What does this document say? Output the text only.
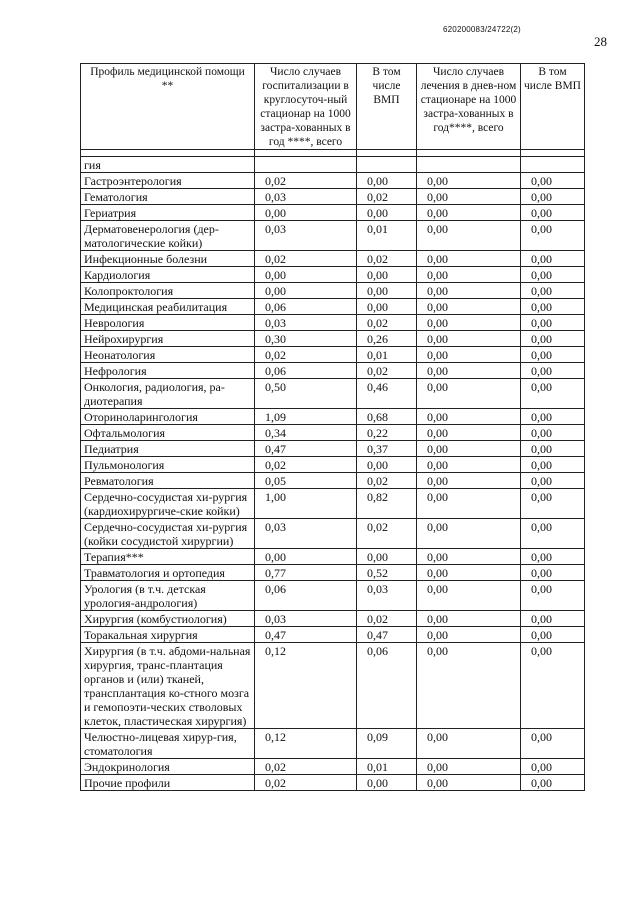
620200083/24722(2)
28
Профиль медицинской помощи **	Число случаев госпитализации в круглосуточ-ный стационар на 1000 застра-хованных в год ****, всего	В том числе ВМП	Число случаев лечения в днев-ном стационаре на 1000 застра-хованных в год****, всего	В том числе ВМП

гия				
Гастроэнтерология	0,02	0,00	0,00	0,00
Гематология	0,03	0,02	0,00	0,00
Гериатрия	0,00	0,00	0,00	0,00
Дерматовенерология (дер-матологические койки)	0,03	0,01	0,00	0,00
Инфекционные болезни	0,02	0,02	0,00	0,00
Кардиология	0,00	0,00	0,00	0,00
Колопроктология	0,00	0,00	0,00	0,00
Медицинская реабилитация	0,06	0,00	0,00	0,00
Неврология	0,03	0,02	0,00	0,00
Нейрохирургия	0,30	0,26	0,00	0,00
Неонатология	0,02	0,01	0,00	0,00
Нефрология	0,06	0,02	0,00	0,00
Онкология, радиология, ра-диотерапия	0,50	0,46	0,00	0,00
Оториноларингология	1,09	0,68	0,00	0,00
Офтальмология	0,34	0,22	0,00	0,00
Педиатрия	0,47	0,37	0,00	0,00
Пульмонология	0,02	0,00	0,00	0,00
Ревматология	0,05	0,02	0,00	0,00
Сердечно-сосудистая хи-рургия (кардиохирургиче-ские койки)	1,00	0,82	0,00	0,00
Сердечно-сосудистая хи-рургия (койки сосудистой хирургии)	0,03	0,02	0,00	0,00
Терапия***	0,00	0,00	0,00	0,00
Травматология и ортопедия	0,77	0,52	0,00	0,00
Урология (в т.ч. детская урология-андрология)	0,06	0,03	0,00	0,00
Хирургия (комбустиология)	0,03	0,02	0,00	0,00
Торакальная хирургия	0,47	0,47	0,00	0,00
Хирургия (в т.ч. абдоми-нальная хирургия, транс-плантация органов и (или) тканей, трансплантация ко-стного мозга и гемопоэти-ческих стволовых клеток, пластическая хирургия)	0,12	0,06	0,00	0,00
Челюстно-лицевая хирур-гия, стоматология	0,12	0,09	0,00	0,00
Эндокринология	0,02	0,01	0,00	0,00
Прочие профили	0,02	0,00	0,00	0,00
